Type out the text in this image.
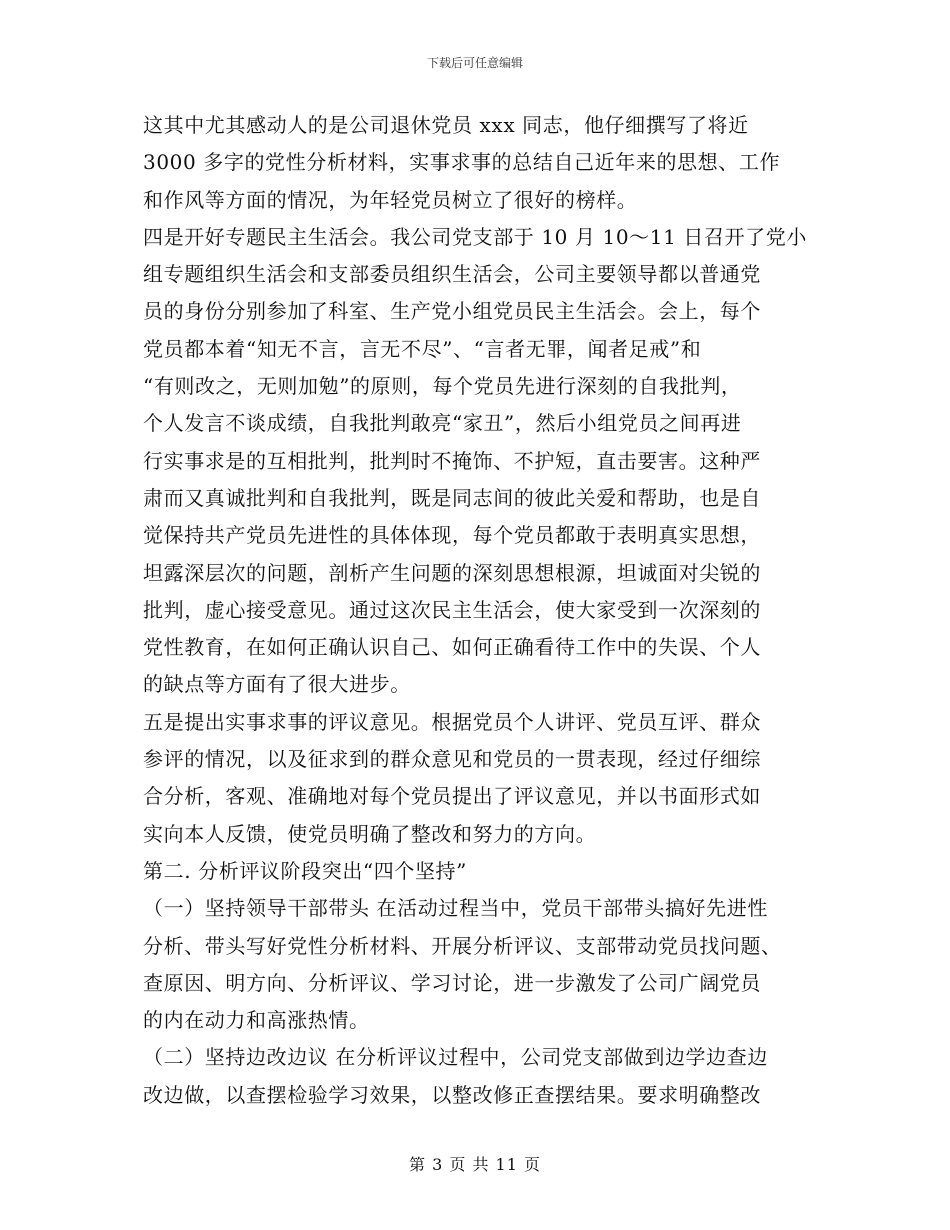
下载后可任意编辑
这其中尤其感动人的是公司退休党员 xxx 同志，他仔细撰写了将近
3000 多字的党性分析材料，实事求事的总结自己近年来的思想、工作
和作风等方面的情况，为年轻党员树立了很好的榜样。
四是开好专题民主生活会。我公司党支部于 10 月 10～11 日召开了党小
组专题组织生活会和支部委员组织生活会，公司主要领导都以普通党
员的身份分别参加了科室、生产党小组党员民主生活会。会上，每个
党员都本着“知无不言，言无不尽”、“言者无罪，闻者足戒”和
“有则改之，无则加勉”的原则，每个党员先进行深刻的自我批判，
个人发言不谈成绩，自我批判敢亮“家丑”，然后小组党员之间再进
行实事求是的互相批判，批判时不掩饰、不护短，直击要害。这种严
肃而又真诚批判和自我批判，既是同志间的彼此关爱和帮助，也是自
觉保持共产党员先进性的具体体现，每个党员都敢于表明真实思想，
坦露深层次的问题，剖析产生问题的深刻思想根源，坦诚面对尖锐的
批判，虚心接受意见。通过这次民主生活会，使大家受到一次深刻的
党性教育，在如何正确认识自己、如何正确看待工作中的失误、个人
的缺点等方面有了很大进步。
五是提出实事求事的评议意见。根据党员个人讲评、党员互评、群众
参评的情况，以及征求到的群众意见和党员的一贯表现，经过仔细综
合分析，客观、准确地对每个党员提出了评议意见，并以书面形式如
实向本人反馈，使党员明确了整改和努力的方向。
第二. 分析评议阶段突出“四个坚持”
（一）坚持领导干部带头 在活动过程当中，党员干部带头搞好先进性
分析、带头写好党性分析材料、开展分析评议、支部带动党员找问题、
查原因、明方向、分析评议、学习讨论，进一步激发了公司广阔党员
的内在动力和高涨热情。
（二）坚持边改边议 在分析评议过程中，公司党支部做到边学边查边
改边做，以查摆检验学习效果，以整改修正查摆结果。要求明确整改
第 3 页 共 11 页
